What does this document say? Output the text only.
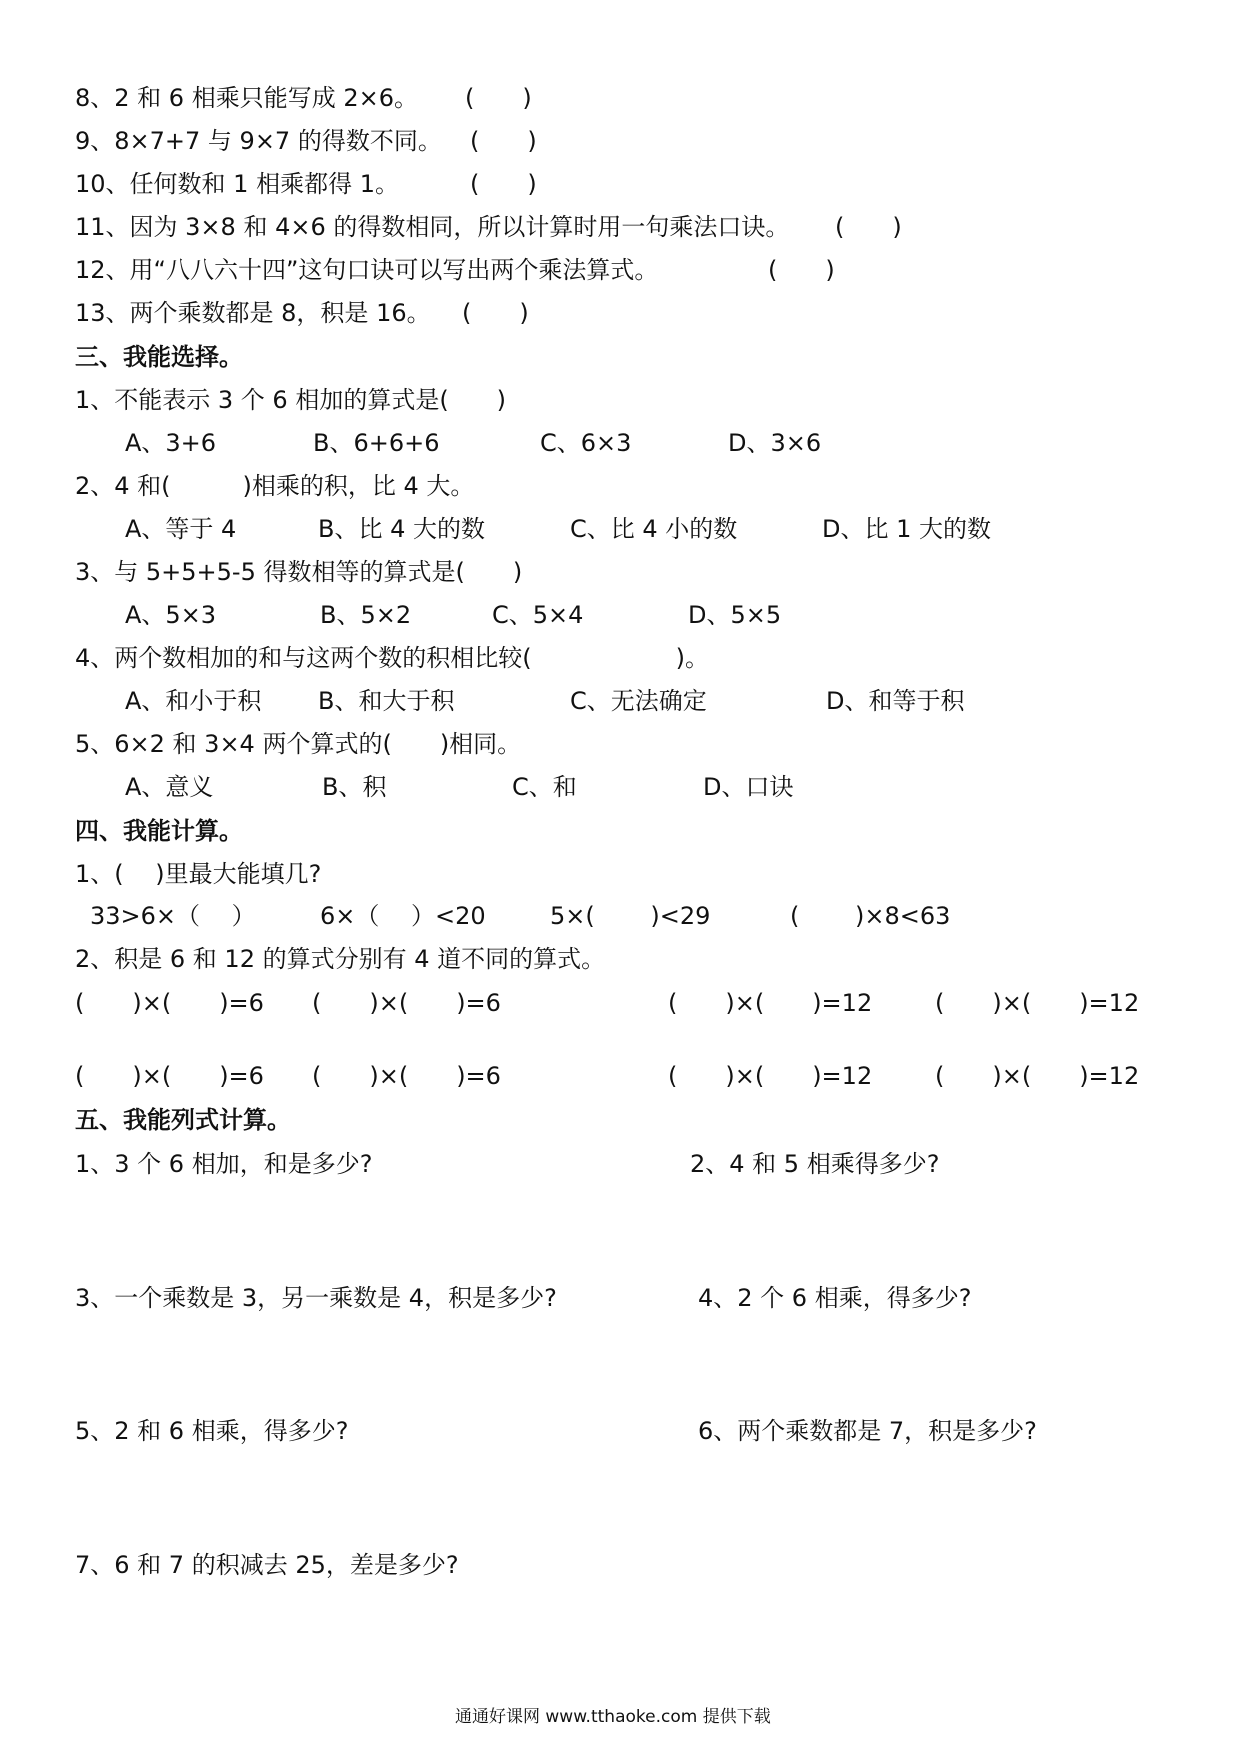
8、2 和 6 相乘只能写成 2×6。 (　　)
9、8×7+7 与 9×7 的得数不同。 (　　)
10、任何数和 1 相乘都得 1。	(　　)
11、因为 3×8 和 4×6 的得数相同，所以计算时用一句乘法口诀。 (　　)
12、用“八八六十四”这句口诀可以写出两个乘法算式。	(　　)
13、两个乘数都是 8，积是 16。 (　　)
三、我能选择。
1、不能表示 3 个 6 相加的算式是(　　)
A、3+6	B、6+6+6	C、6×3	D、3×6
2、4 和(　　　)相乘的积，比 4 大。
A、等于 4	B、比 4 大的数	C、比 4 小的数	D、比 1 大的数
3、与 5+5+5-5 得数相等的算式是(　　)
A、5×3	B、5×2	C、5×4	D、5×5
4、两个数相加的和与这两个数的积相比较(　　　　　　)。
A、和小于积 B、和大于积	C、无法确定	D、和等于积
5、6×2 和 3×4 两个算式的(　　)相同。
A、意义	B、积	C、和	D、口诀
四、我能计算。
1、(　 )里最大能填几?
33>6×（　 ）	6×（　 ）<20	5×(　　 )<29	(　　 )×8<63
2、积是 6 和 12 的算式分别有 4 道不同的算式。
(　　)×(　　)=6 (　　)×(　　)=6	(　　)×(　　)=12	(　　)×(　　)=12
(　　)×(　　)=6 (　　)×(　　)=6	(　　)×(　　)=12	(　　)×(　　)=12
五、我能列式计算。
1、3 个 6 相加，和是多少?	2、4 和 5 相乘得多少?
3、一个乘数是 3，另一乘数是 4，积是多少?	4、2 个 6 相乘，得多少?
5、2 和 6 相乘，得多少?	6、两个乘数都是 7，积是多少?
7、6 和 7 的积减去 25，差是多少?
通通好课网 www.tthaoke.com 提供下载
